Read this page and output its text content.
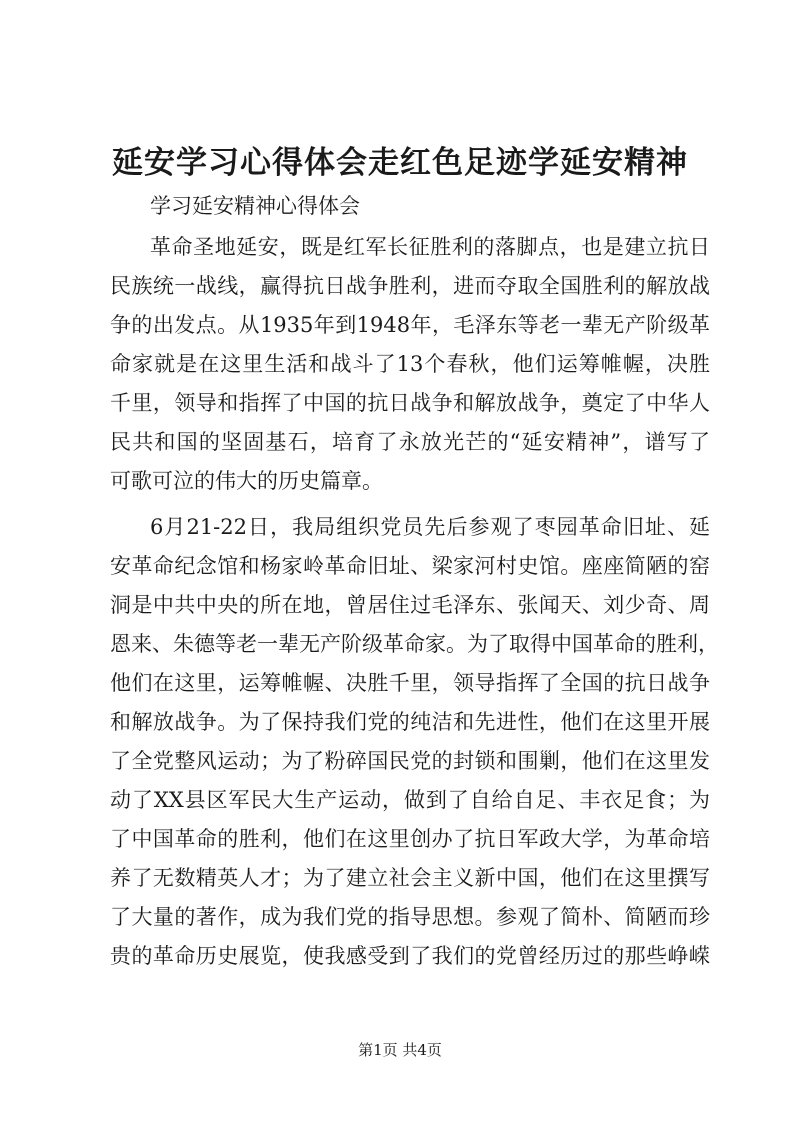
延安学习心得体会走红色足迹学延安精神

学习延安精神心得体会

革命圣地延安，既是红军长征胜利的落脚点，也是建立抗日

民族统一战线，赢得抗日战争胜利，进而夺取全国胜利的解放战

争的出发点。从1935年到1948年，毛泽东等老一辈无产阶级革

命家就是在这里生活和战斗了13个春秋，他们运筹帷幄，决胜

千里，领导和指挥了中国的抗日战争和解放战争，奠定了中华人

民共和国的坚固基石，培育了永放光芒的“延安精神”，谱写了

可歌可泣的伟大的历史篇章。

6月21-22日，我局组织党员先后参观了枣园革命旧址、延

安革命纪念馆和杨家岭革命旧址、梁家河村史馆。座座简陋的窑

洞是中共中央的所在地，曾居住过毛泽东、张闻天、刘少奇、周

恩来、朱德等老一辈无产阶级革命家。为了取得中国革命的胜利，

他们在这里，运筹帷幄、决胜千里，领导指挥了全国的抗日战争

和解放战争。为了保持我们党的纯洁和先进性，他们在这里开展

了全党整风运动；为了粉碎国民党的封锁和围剿，他们在这里发

动了XX县区军民大生产运动，做到了自给自足、丰衣足食；为

了中国革命的胜利，他们在这里创办了抗日军政大学，为革命培

养了无数精英人才；为了建立社会主义新中国，他们在这里撰写

了大量的著作，成为我们党的指导思想。参观了简朴、简陋而珍

贵的革命历史展览，使我感受到了我们的党曾经历过的那些峥嵘

第1页 共4页
